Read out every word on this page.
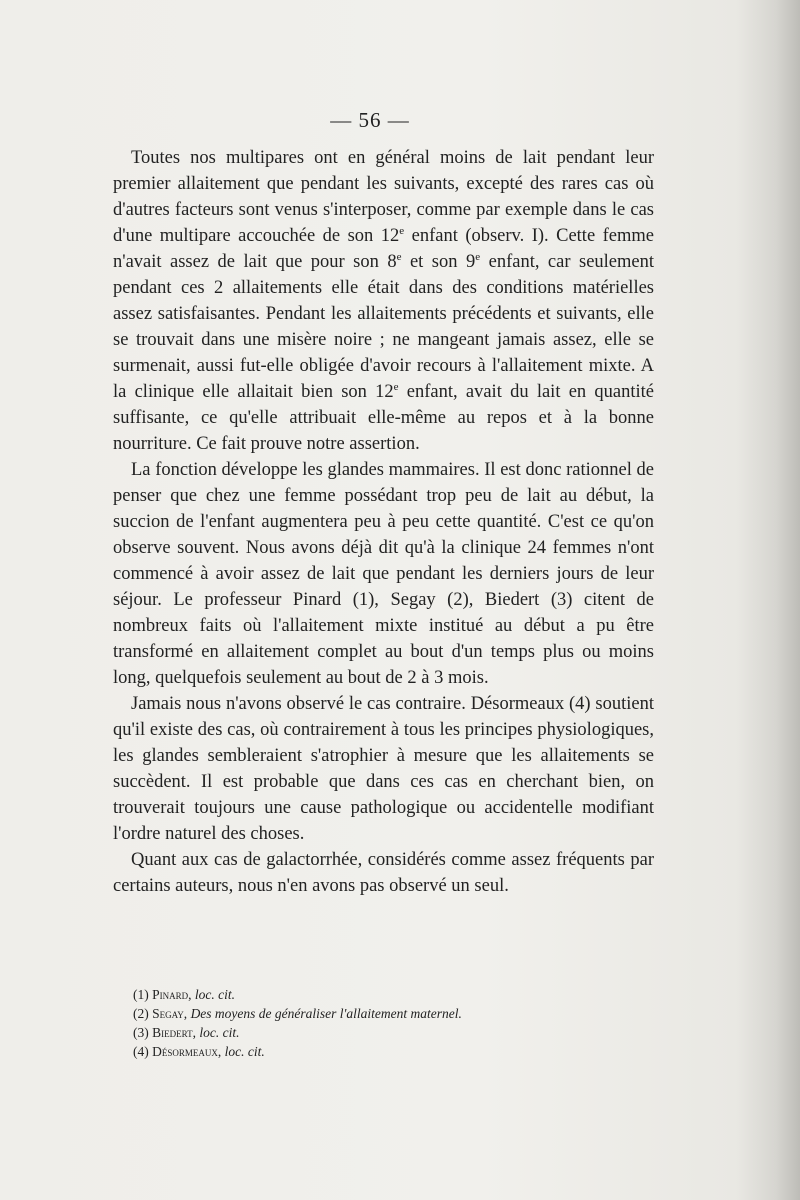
— 56 —

Toutes nos multipares ont en général moins de lait pendant leur premier allaitement que pendant les suivants, excepté des rares cas où d'autres facteurs sont venus s'interposer, comme par exemple dans le cas d'une multipare accouchée de son 12e enfant (observ. I). Cette femme n'avait assez de lait que pour son 8e et son 9e enfant, car seulement pendant ces 2 allaitements elle était dans des conditions matérielles assez satisfaisantes. Pendant les allaitements précédents et suivants, elle se trouvait dans une misère noire ; ne mangeant jamais assez, elle se surmenait, aussi fut-elle obligée d'avoir recours à l'allaitement mixte. A la clinique elle allaitait bien son 12e enfant, avait du lait en quantité suffisante, ce qu'elle attribuait elle-même au repos et à la bonne nourriture. Ce fait prouve notre assertion.

La fonction développe les glandes mammaires. Il est donc rationnel de penser que chez une femme possédant trop peu de lait au début, la succion de l'enfant augmentera peu à peu cette quantité. C'est ce qu'on observe souvent. Nous avons déjà dit qu'à la clinique 24 femmes n'ont commencé à avoir assez de lait que pendant les derniers jours de leur séjour. Le professeur Pinard (1), Segay (2), Biedert (3) citent de nombreux faits où l'allaitement mixte institué au début a pu être transformé en allaitement complet au bout d'un temps plus ou moins long, quelquefois seulement au bout de 2 à 3 mois.

Jamais nous n'avons observé le cas contraire. Désormeaux (4) soutient qu'il existe des cas, où contrairement à tous les principes physiologiques, les glandes sembleraient s'atrophier à mesure que les allaitements se succèdent. Il est probable que dans ces cas en cherchant bien, on trouverait toujours une cause pathologique ou accidentelle modifiant l'ordre naturel des choses.

Quant aux cas de galactorrhée, considérés comme assez fréquents par certains auteurs, nous n'en avons pas observé un seul.

(1) Pinard, loc. cit.
(2) Segay, Des moyens de généraliser l'allaitement maternel.
(3) Biedert, loc. cit.
(4) Désormeaux, loc. cit.
